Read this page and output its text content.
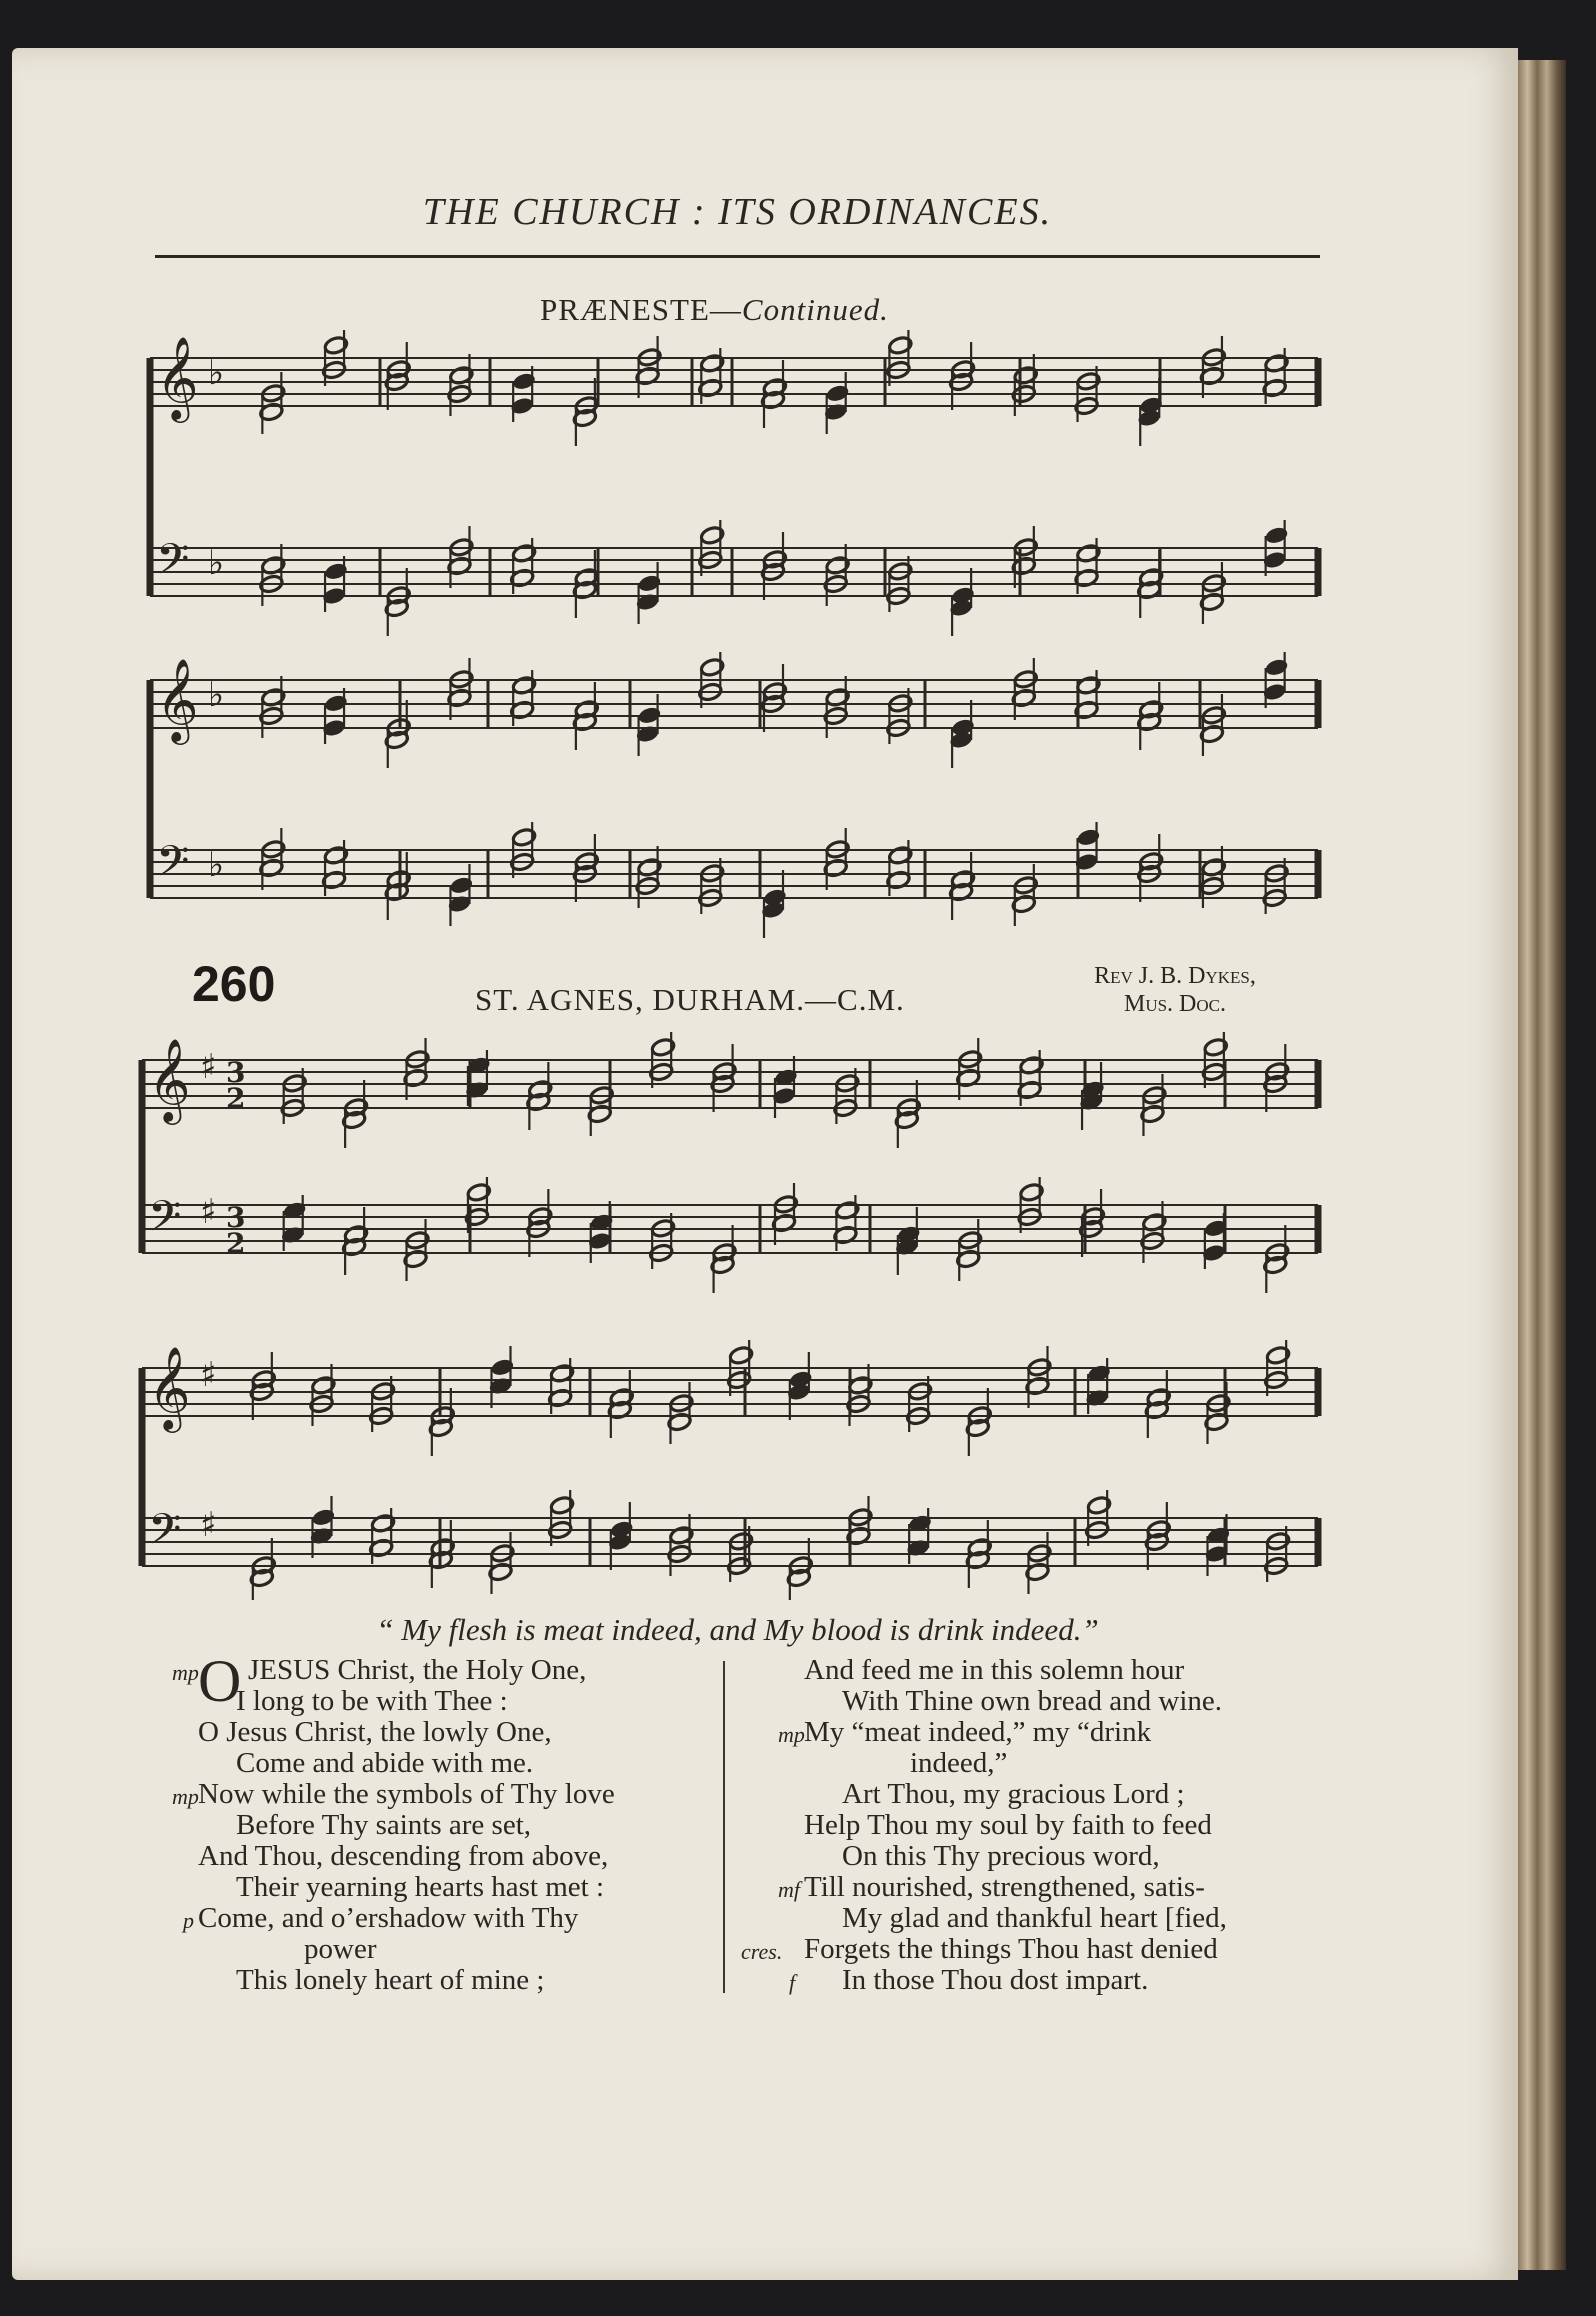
THE CHURCH : ITS ORDINANCES.
PRÆNESTE—Continued.
260	ST. AGNES, DURHAM.—C.M.
Rev J. B. Dykes,
Mus. Doc.
𝄞 ♭
𝄢 ♭
𝄞 ♭
𝄢 ♭
𝄞 ♯ 3
2
𝄢 ♯ 3
2
𝄞 ♯
𝄢 ♯
“ My flesh is meat indeed, and My blood is drink indeed.”
mp O JESUS Christ, the Holy One,
I long to be with Thee :
O Jesus Christ, the lowly One,
Come and abide with me.
mp Now while the symbols of Thy love
Before Thy saints are set,
And Thou, descending from above,
Their yearning hearts hast met :
p Come, and o’ershadow with Thy
power
This lonely heart of mine ;
And feed me in this solemn hour
With Thine own bread and wine.
mp My “meat indeed,” my “drink
indeed,”
Art Thou, my gracious Lord ;
Help Thou my soul by faith to feed
On this Thy precious word,
mf Till nourished, strengthened, satis-
My glad and thankful heart [fied,
cres. Forgets the things Thou hast denied
f In those Thou dost impart.
